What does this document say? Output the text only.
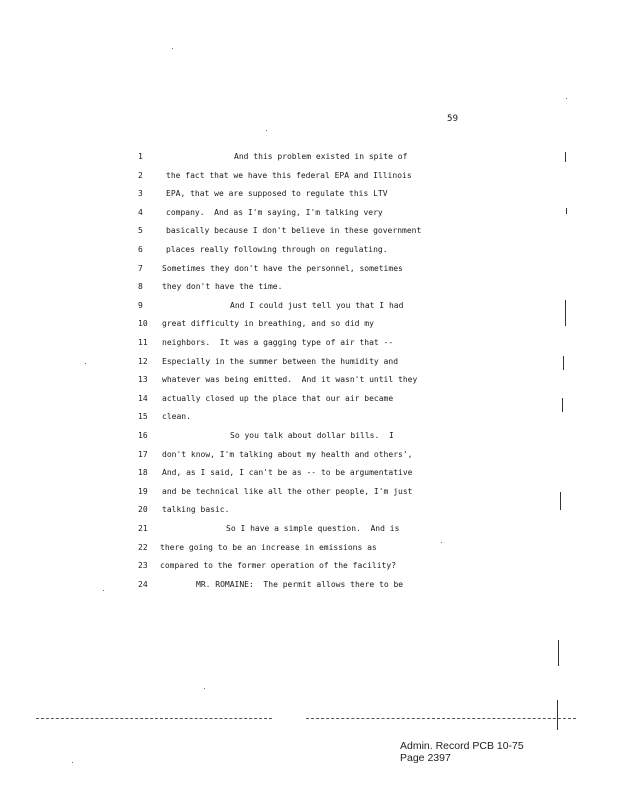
59
1	And this problem existed in spite of
2	the fact that we have this federal EPA and Illinois
3	EPA, that we are supposed to regulate this LTV
4	company.  And as I'm saying, I'm talking very
5	basically because I don't believe in these government
6	places really following through on regulating.
7	Sometimes they don't have the personnel, sometimes
8	they don't have the time.
9	And I could just tell you that I had
10	great difficulty in breathing, and so did my
11	neighbors.  It was a gagging type of air that --
12	Especially in the summer between the humidity and
13	whatever was being emitted.  And it wasn't until they
14	actually closed up the place that our air became
15	clean.
16	So you talk about dollar bills.  I
17	don't know, I'm talking about my health and others',
18	And, as I said, I can't be as -- to be argumentative
19	and be technical like all the other people, I'm just
20	talking basic.
21	So I have a simple question.  And is
22	there going to be an increase in emissions as
23	compared to the former operation of the facility?
24	MR. ROMAINE:  The permit allows there to be
Admin. Record PCB 10-75
Page 2397
